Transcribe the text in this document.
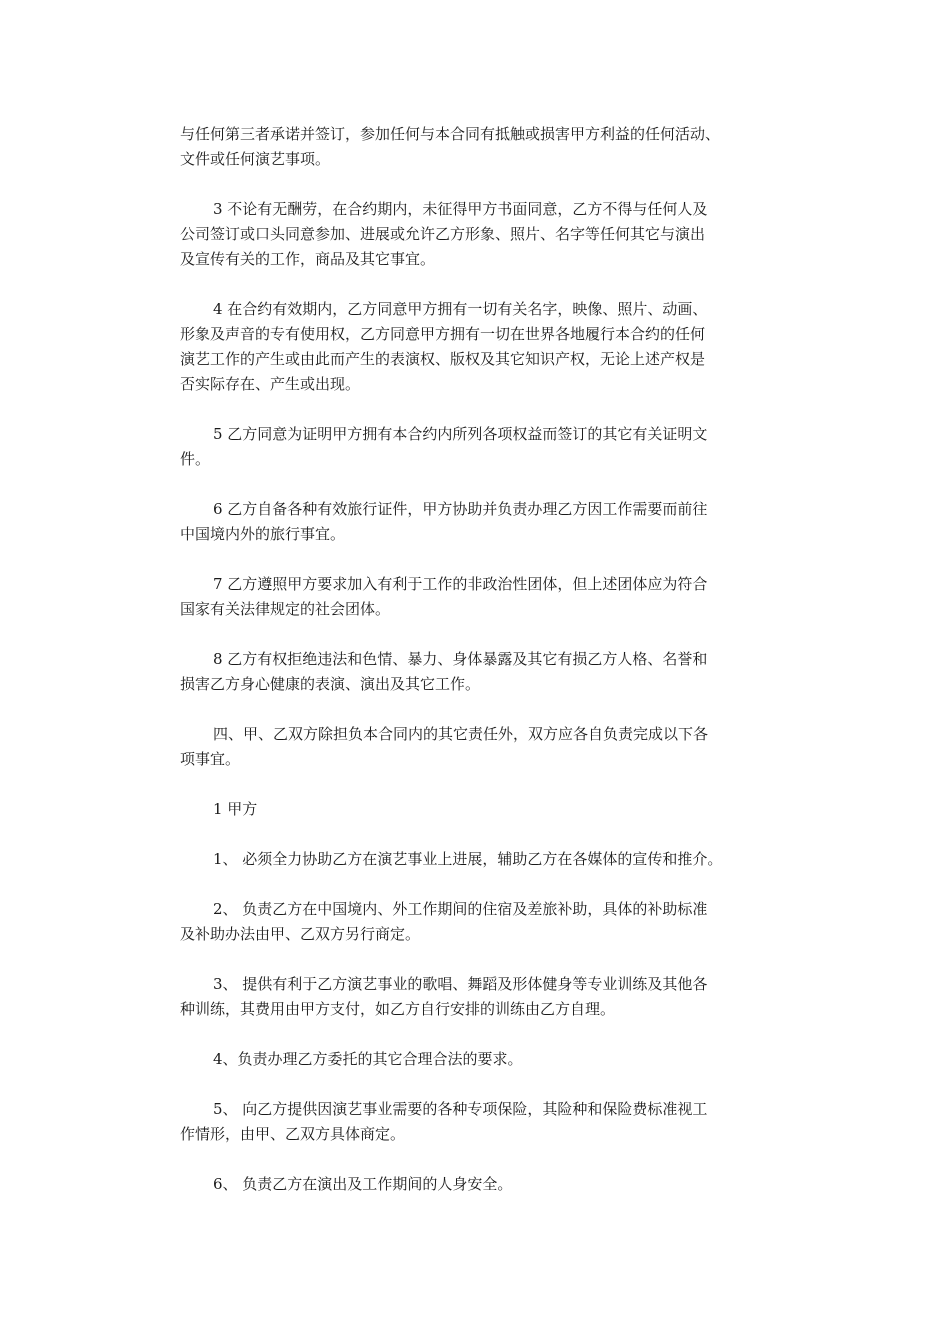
与任何第三者承诺并签订，参加任何与本合同有抵触或损害甲方利益的任何活动、
文件或任何演艺事项。
3 不论有无酬劳，在合约期内，未征得甲方书面同意，乙方不得与任何人及
公司签订或口头同意参加、进展或允许乙方形象、照片、名字等任何其它与演出
及宣传有关的工作，商品及其它事宜。
4 在合约有效期内，乙方同意甲方拥有一切有关名字，映像、照片、动画、
形象及声音的专有使用权，乙方同意甲方拥有一切在世界各地履行本合约的任何
演艺工作的产生或由此而产生的表演权、版权及其它知识产权，无论上述产权是
否实际存在、产生或出现。
5 乙方同意为证明甲方拥有本合约内所列各项权益而签订的其它有关证明文
件。
6 乙方自备各种有效旅行证件，甲方协助并负责办理乙方因工作需要而前往
中国境内外的旅行事宜。
7 乙方遵照甲方要求加入有利于工作的非政治性团体，但上述团体应为符合
国家有关法律规定的社会团体。
8 乙方有权拒绝违法和色情、暴力、身体暴露及其它有损乙方人格、名誉和
损害乙方身心健康的表演、演出及其它工作。
四、甲、乙双方除担负本合同内的其它责任外，双方应各自负责完成以下各
项事宜。
1 甲方
1、 必须全力协助乙方在演艺事业上进展，辅助乙方在各媒体的宣传和推介。
2、 负责乙方在中国境内、外工作期间的住宿及差旅补助，具体的补助标准
及补助办法由甲、乙双方另行商定。
3、 提供有利于乙方演艺事业的歌唱、舞蹈及形体健身等专业训练及其他各
种训练，其费用由甲方支付，如乙方自行安排的训练由乙方自理。
4、负责办理乙方委托的其它合理合法的要求。
5、 向乙方提供因演艺事业需要的各种专项保险，其险种和保险费标准视工
作情形，由甲、乙双方具体商定。
6、 负责乙方在演出及工作期间的人身安全。
